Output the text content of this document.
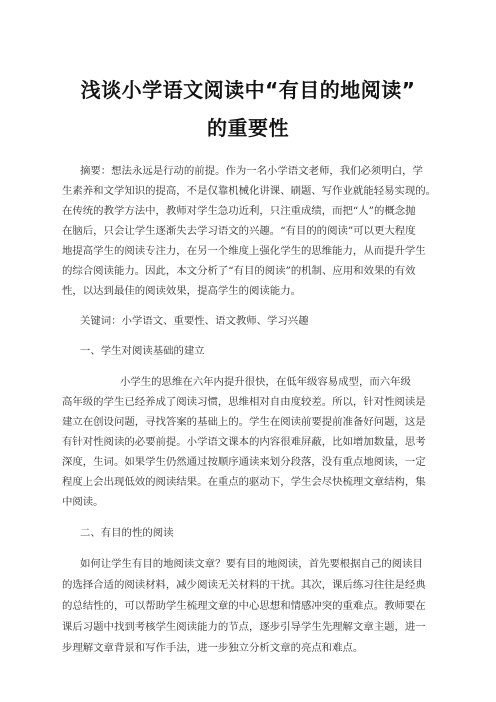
浅谈小学语文阅读中“有目的地阅读”
的重要性
摘要：想法永远是行动的前提。作为一名小学语文老师，我们必须明白，学
生素养和文学知识的提高，不是仅靠机械化讲课、刷题、写作业就能轻易实现的。
在传统的教学方法中，教师对学生急功近利，只注重成绩，而把“人”的概念抛
在脑后，只会让学生逐渐失去学习语文的兴趣。“有目的的阅读”可以更大程度
地提高学生的阅读专注力，在另一个维度上强化学生的思维能力，从而提升学生
的综合阅读能力。因此，本文分析了“有目的阅读”的机制、应用和效果的有效
性，以达到最佳的阅读效果，提高学生的阅读能力。
关键词：小学语文、重要性、语文教师、学习兴趣
一、学生对阅读基础的建立
小学生的思维在六年内提升很快，在低年级容易成型，而六年级
高年级的学生已经养成了阅读习惯，思维相对自由度较差。所以，针对性阅读是
建立在创设问题，寻找答案的基础上的。学生在阅读前要提前准备好问题，这是
有针对性阅读的必要前提。小学语文课本的内容很难屏蔽，比如增加数量，思考
深度，生词。如果学生仍然通过按顺序通读来划分段落，没有重点地阅读，一定
程度上会出现低效的阅读结果。在重点的驱动下，学生会尽快梳理文章结构，集
中阅读。
二、有目的性的阅读
如何让学生有目的地阅读文章？要有目的地阅读，首先要根据自己的阅读目
的选择合适的阅读材料，减少阅读无关材料的干扰。其次，课后练习往往是经典
的总结性的，可以帮助学生梳理文章的中心思想和情感冲突的重难点。教师要在
课后习题中找到考核学生阅读能力的节点，逐步引导学生先理解文章主题，进一
步理解文章背景和写作手法，进一步独立分析文章的亮点和难点。
